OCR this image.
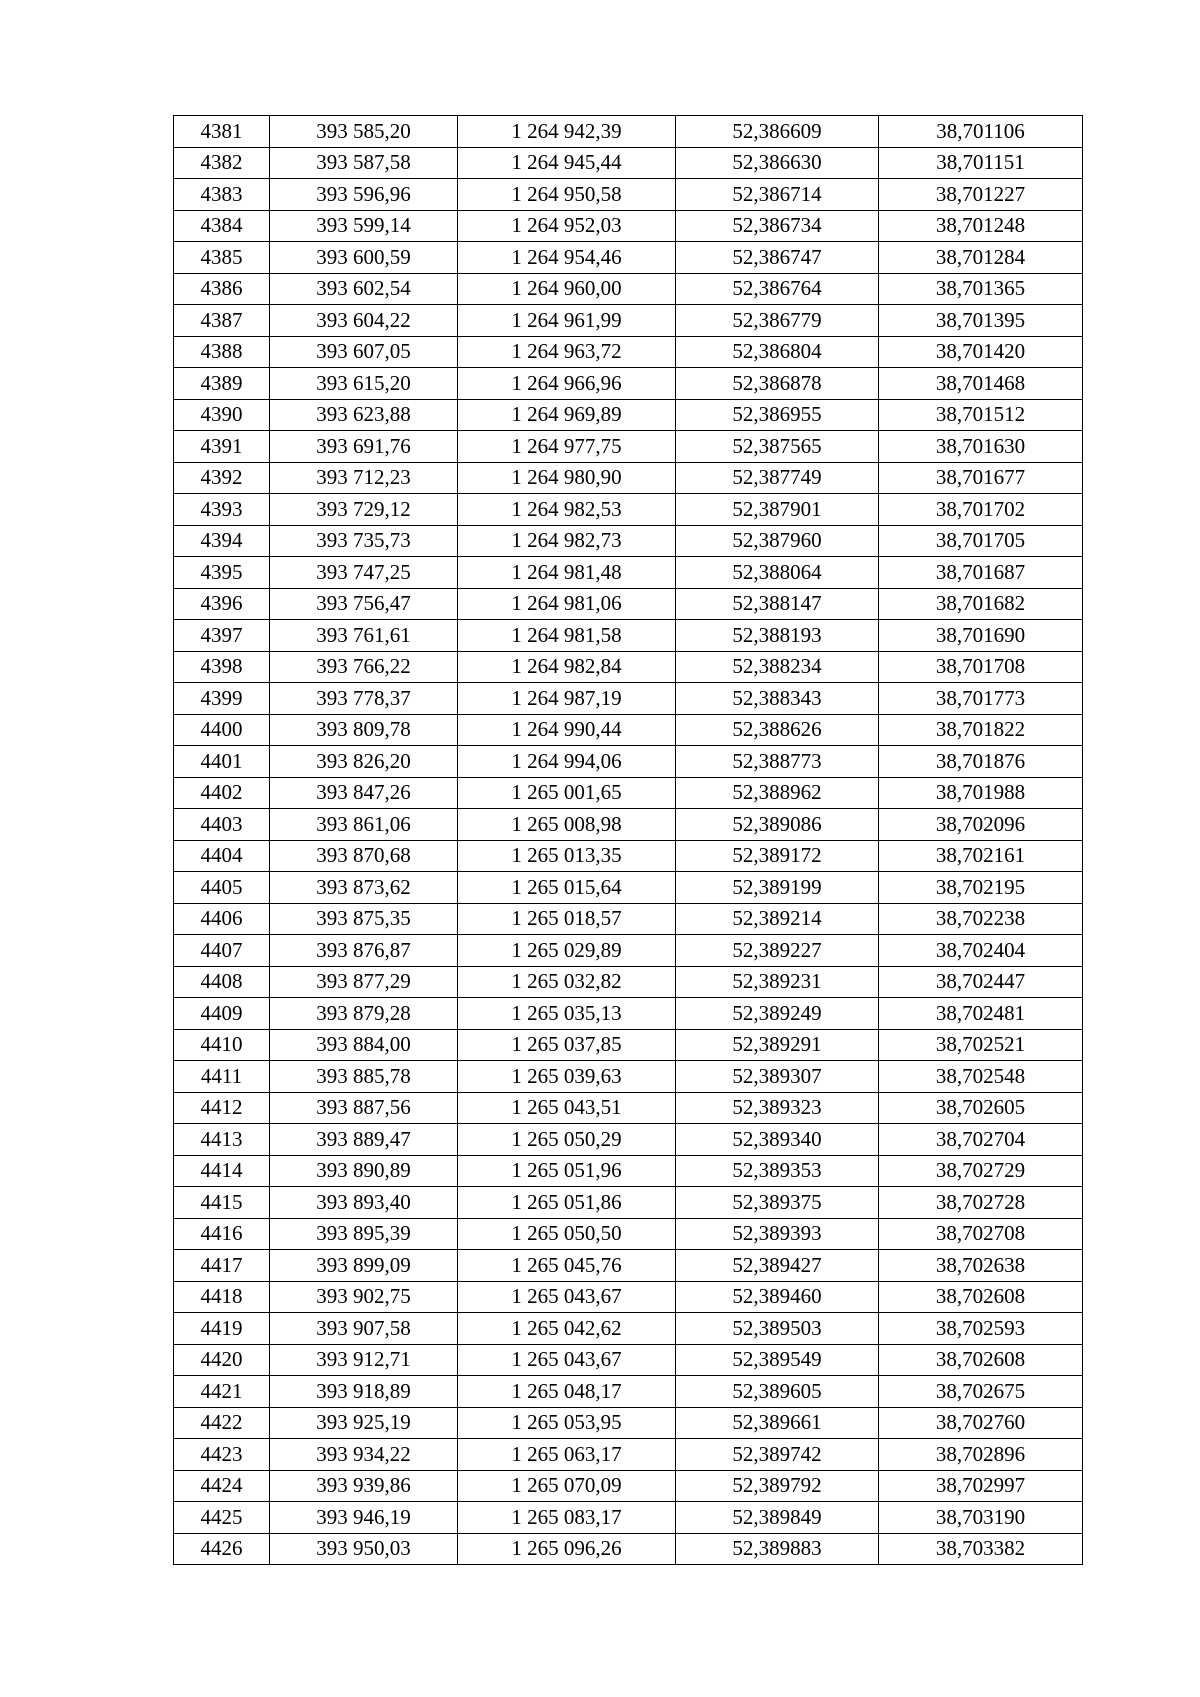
4381	393 585,20	1 264 942,39	52,386609	38,701106
4382	393 587,58	1 264 945,44	52,386630	38,701151
4383	393 596,96	1 264 950,58	52,386714	38,701227
4384	393 599,14	1 264 952,03	52,386734	38,701248
4385	393 600,59	1 264 954,46	52,386747	38,701284
4386	393 602,54	1 264 960,00	52,386764	38,701365
4387	393 604,22	1 264 961,99	52,386779	38,701395
4388	393 607,05	1 264 963,72	52,386804	38,701420
4389	393 615,20	1 264 966,96	52,386878	38,701468
4390	393 623,88	1 264 969,89	52,386955	38,701512
4391	393 691,76	1 264 977,75	52,387565	38,701630
4392	393 712,23	1 264 980,90	52,387749	38,701677
4393	393 729,12	1 264 982,53	52,387901	38,701702
4394	393 735,73	1 264 982,73	52,387960	38,701705
4395	393 747,25	1 264 981,48	52,388064	38,701687
4396	393 756,47	1 264 981,06	52,388147	38,701682
4397	393 761,61	1 264 981,58	52,388193	38,701690
4398	393 766,22	1 264 982,84	52,388234	38,701708
4399	393 778,37	1 264 987,19	52,388343	38,701773
4400	393 809,78	1 264 990,44	52,388626	38,701822
4401	393 826,20	1 264 994,06	52,388773	38,701876
4402	393 847,26	1 265 001,65	52,388962	38,701988
4403	393 861,06	1 265 008,98	52,389086	38,702096
4404	393 870,68	1 265 013,35	52,389172	38,702161
4405	393 873,62	1 265 015,64	52,389199	38,702195
4406	393 875,35	1 265 018,57	52,389214	38,702238
4407	393 876,87	1 265 029,89	52,389227	38,702404
4408	393 877,29	1 265 032,82	52,389231	38,702447
4409	393 879,28	1 265 035,13	52,389249	38,702481
4410	393 884,00	1 265 037,85	52,389291	38,702521
4411	393 885,78	1 265 039,63	52,389307	38,702548
4412	393 887,56	1 265 043,51	52,389323	38,702605
4413	393 889,47	1 265 050,29	52,389340	38,702704
4414	393 890,89	1 265 051,96	52,389353	38,702729
4415	393 893,40	1 265 051,86	52,389375	38,702728
4416	393 895,39	1 265 050,50	52,389393	38,702708
4417	393 899,09	1 265 045,76	52,389427	38,702638
4418	393 902,75	1 265 043,67	52,389460	38,702608
4419	393 907,58	1 265 042,62	52,389503	38,702593
4420	393 912,71	1 265 043,67	52,389549	38,702608
4421	393 918,89	1 265 048,17	52,389605	38,702675
4422	393 925,19	1 265 053,95	52,389661	38,702760
4423	393 934,22	1 265 063,17	52,389742	38,702896
4424	393 939,86	1 265 070,09	52,389792	38,702997
4425	393 946,19	1 265 083,17	52,389849	38,703190
4426	393 950,03	1 265 096,26	52,389883	38,703382
